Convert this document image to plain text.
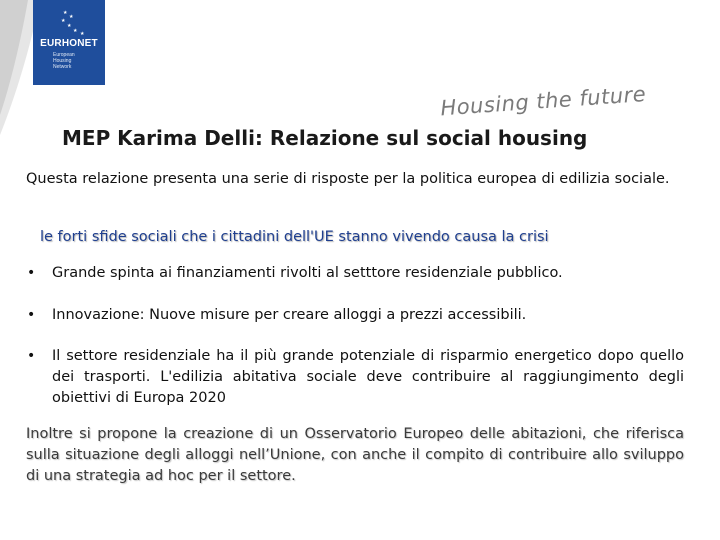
★
★
★
★
★ ★
EURHONET
European
Housing
Network
Housing the future
MEP Karima Delli: Relazione sul social housing
Questa relazione presenta una serie di risposte per la politica europea di edilizia sociale.
le forti sfide sociali che i cittadini dell'UE stanno vivendo causa la crisi
• Grande spinta ai finanziamenti rivolti al setttore residenziale pubblico.
• Innovazione: Nuove misure per creare alloggi a prezzi accessibili.
• Il settore residenziale ha il più grande potenziale di risparmio energetico dopo quello dei trasporti. L'edilizia abitativa sociale deve contribuire al raggiungimento degli obiettivi di Europa 2020
Inoltre si propone la creazione di un Osservatorio Europeo delle abitazioni, che riferisca sulla situazione degli alloggi nell’Unione, con anche il compito di contribuire allo sviluppo di una strategia ad hoc per il settore.
